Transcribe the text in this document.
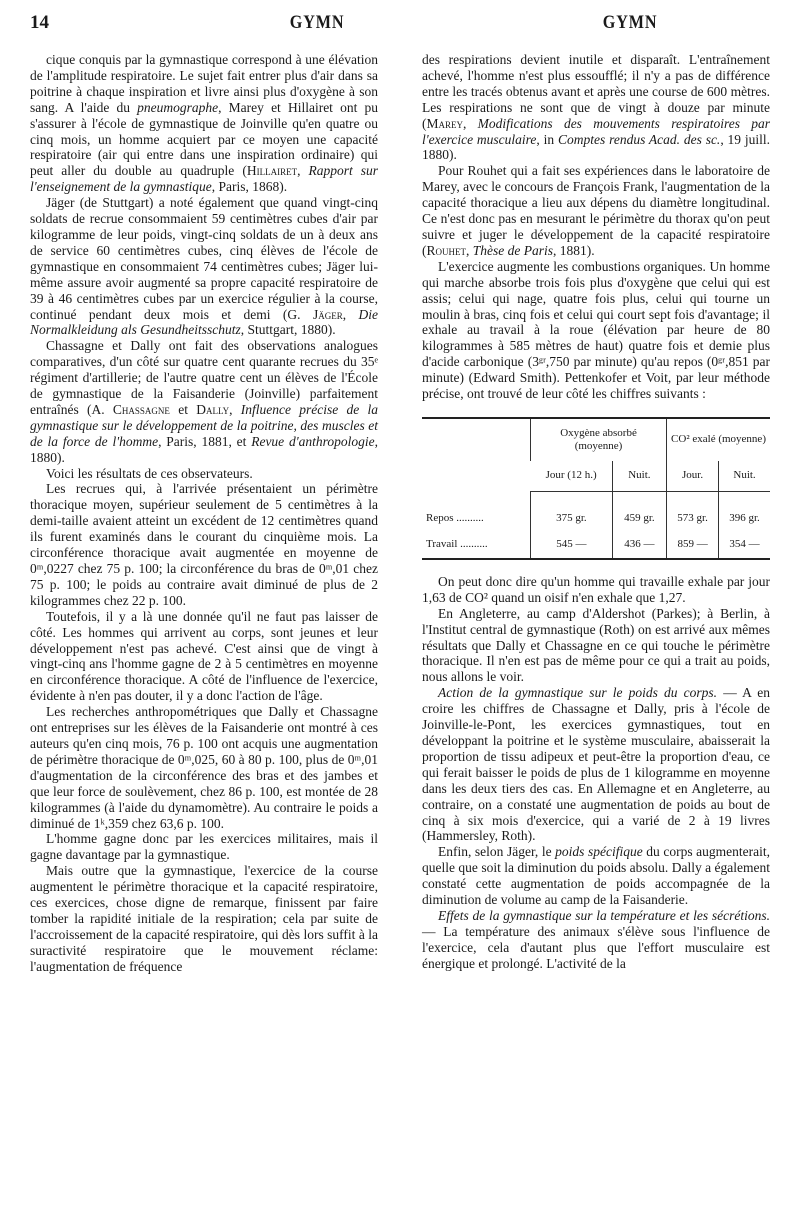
14	GYMN	GYMN

cique conquis par la gymnastique correspond à une élévation de l'amplitude respiratoire. Le sujet fait entrer plus d'air dans sa poitrine à chaque inspiration et livre ainsi plus d'oxygène à son sang. A l'aide du pneumographe, Marey et Hillairet ont pu s'assurer à l'école de gymnastique de Joinville qu'en quatre ou cinq mois, un homme acquiert par ce moyen une capacité respiratoire (air qui entre dans une inspiration ordinaire) qui peut aller du double au quadruple (Hillairet, Rapport sur l'enseignement de la gymnastique, Paris, 1868).

Jäger (de Stuttgart) a noté également que quand vingt-cinq soldats de recrue consommaient 59 centimètres cubes d'air par kilogramme de leur poids, vingt-cinq soldats de un à deux ans de service 60 centimètres cubes, cinq élèves de l'école de gymnastique en consommaient 74 centimètres cubes; Jäger lui-même assure avoir augmenté sa propre capacité respiratoire de 39 à 46 centimètres cubes par un exercice régulier à la course, continué pendant deux mois et demi (G. Jäger, Die Normalkleidung als Gesundheitsschutz, Stuttgart, 1880).

Chassagne et Dally ont fait des observations analogues comparatives, d'un côté sur quatre cent quarante recrues du 35ᵉ régiment d'artillerie; de l'autre quatre cent un élèves de l'École de gymnastique de la Faisanderie (Joinville) parfaitement entraînés (A. Chassagne et Dally, Influence précise de la gymnastique sur le développement de la poitrine, des muscles et de la force de l'homme, Paris, 1881, et Revue d'anthropologie, 1880).

Voici les résultats de ces observateurs.

Les recrues qui, à l'arrivée présentaient un périmètre thoracique moyen, supérieur seulement de 5 centimètres à la demi-taille avaient atteint un excédent de 12 centimètres quand ils furent examinés dans le courant du cinquième mois. La circonférence thoracique avait augmentée en moyenne de 0ᵐ,0227 chez 75 p. 100; la circonférence du bras de 0ᵐ,01 chez 75 p. 100; le poids au contraire avait diminué de plus de 2 kilogrammes chez 22 p. 100.

Toutefois, il y a là une donnée qu'il ne faut pas laisser de côté. Les hommes qui arrivent au corps, sont jeunes et leur développement n'est pas achevé. C'est ainsi que de vingt à vingt-cinq ans l'homme gagne de 2 à 5 centimètres en moyenne en circonférence thoracique. A côté de l'influence de l'exercice, évidente à n'en pas douter, il y a donc l'action de l'âge.

Les recherches anthropométriques que Dally et Chassagne ont entreprises sur les élèves de la Faisanderie ont montré à ces auteurs qu'en cinq mois, 76 p. 100 ont acquis une augmentation de périmètre thoracique de 0ᵐ,025, 60 à 80 p. 100, plus de 0ᵐ,01 d'augmentation de la circonférence des bras et des jambes et que leur force de soulèvement, chez 86 p. 100, est montée de 28 kilogrammes (à l'aide du dynamomètre). Au contraire le poids a diminué de 1ᵏ,359 chez 63,6 p. 100.

L'homme gagne donc par les exercices militaires, mais il gagne davantage par la gymnastique.

Mais outre que la gymnastique, l'exercice de la course augmentent le périmètre thoracique et la capacité respiratoire, ces exercices, chose digne de remarque, finissent par faire tomber la rapidité initiale de la respiration; cela par suite de l'accroissement de la capacité respiratoire, qui dès lors suffit à la suractivité respiratoire que le mouvement réclame: l'augmentation de fréquence

des respirations devient inutile et disparaît. L'entraînement achevé, l'homme n'est plus essoufflé; il n'y a pas de différence entre les tracés obtenus avant et après une course de 600 mètres. Les respirations ne sont que de vingt à douze par minute (Marey, Modifications des mouvements respiratoires par l'exercice musculaire, in Comptes rendus Acad. des sc., 19 juill. 1880).

Pour Rouhet qui a fait ses expériences dans le laboratoire de Marey, avec le concours de François Frank, l'augmentation de la capacité thoracique a lieu aux dépens du diamètre longitudinal. Ce n'est donc pas en mesurant le périmètre du thorax qu'on peut suivre et juger le développement de la capacité respiratoire (Rouhet, Thèse de Paris, 1881).

L'exercice augmente les combustions organiques. Un homme qui marche absorbe trois fois plus d'oxygène que celui qui est assis; celui qui nage, quatre fois plus, celui qui tourne un moulin à bras, cinq fois et celui qui court sept fois d'avantage; il exhale au travail à la roue (élévation par heure de 80 kilogrammes à 585 mètres de haut) quatre fois et demie plus d'acide carbonique (3ᵍʳ,750 par minute) qu'au repos (0ᵍʳ,851 par minute) (Edward Smith). Pettenkofer et Voit, par leur méthode précise, ont trouvé de leur côté les chiffres suivants :

	Oxygène absorbé (moyenne)		CO² exalé (moyenne)	
	Jour (12 h.)	Nuit.	Jour.	Nuit.

Repos ..........	375 gr.	459 gr.	573 gr.	396 gr.
Travail ..........	545 —	436 —	859 —	354 —

On peut donc dire qu'un homme qui travaille exhale par jour 1,63 de CO² quand un oisif n'en exhale que 1,27.

En Angleterre, au camp d'Aldershot (Parkes); à Berlin, à l'Institut central de gymnastique (Roth) on est arrivé aux mêmes résultats que Dally et Chassagne en ce qui touche le périmètre thoracique. Il n'en est pas de même pour ce qui a trait au poids, nous allons le voir.

Action de la gymnastique sur le poids du corps. — A en croire les chiffres de Chassagne et Dally, pris à l'école de Joinville-le-Pont, les exercices gymnastiques, tout en développant la poitrine et le système musculaire, abaisserait la proportion de tissu adipeux et peut-être la proportion d'eau, ce qui ferait baisser le poids de plus de 1 kilogramme en moyenne dans les deux tiers des cas. En Allemagne et en Angleterre, au contraire, on a constaté une augmentation de poids au bout de cinq à six mois d'exercice, qui a varié de 2 à 19 livres (Hammersley, Roth).

Enfin, selon Jäger, le poids spécifique du corps augmenterait, quelle que soit la diminution du poids absolu. Dally a également constaté cette augmentation de poids accompagnée de la diminution de volume au camp de la Faisanderie.

Effets de la gymnastique sur la température et les sécrétions. — La température des animaux s'élève sous l'influence de l'exercice, cela d'autant plus que l'effort musculaire est énergique et prolongé. L'activité de la
